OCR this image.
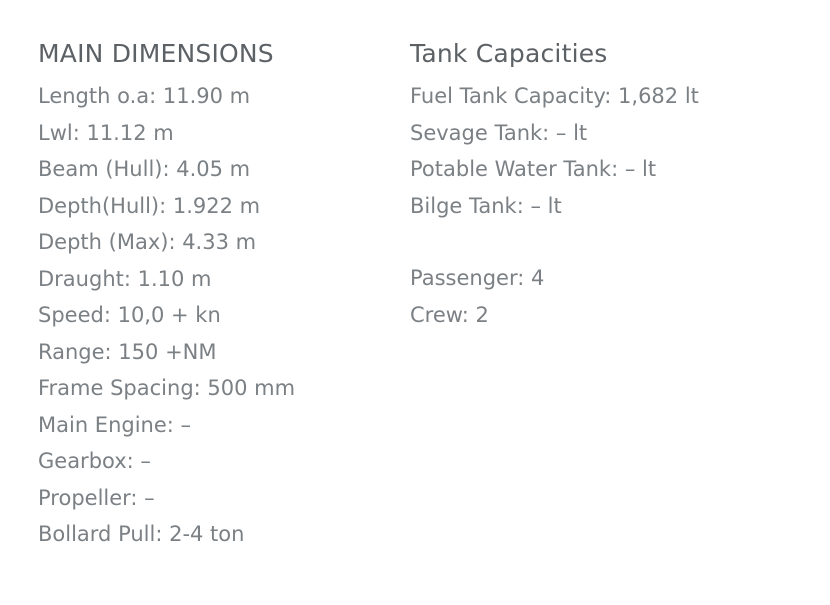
MAIN DIMENSIONS
Length o.a: 11.90 m
Lwl: 11.12 m
Beam (Hull): 4.05 m
Depth(Hull): 1.922 m
Depth (Max): 4.33 m
Draught: 1.10 m
Speed: 10,0 + kn
Range: 150 +NM
Frame Spacing: 500 mm
Main Engine: –
Gearbox: –
Propeller: –
Bollard Pull: 2-4 ton
Tank Capacities
Fuel Tank Capacity: 1,682 lt
Sevage Tank: – lt
Potable Water Tank: – lt
Bilge Tank: – lt
Passenger: 4
Crew: 2
